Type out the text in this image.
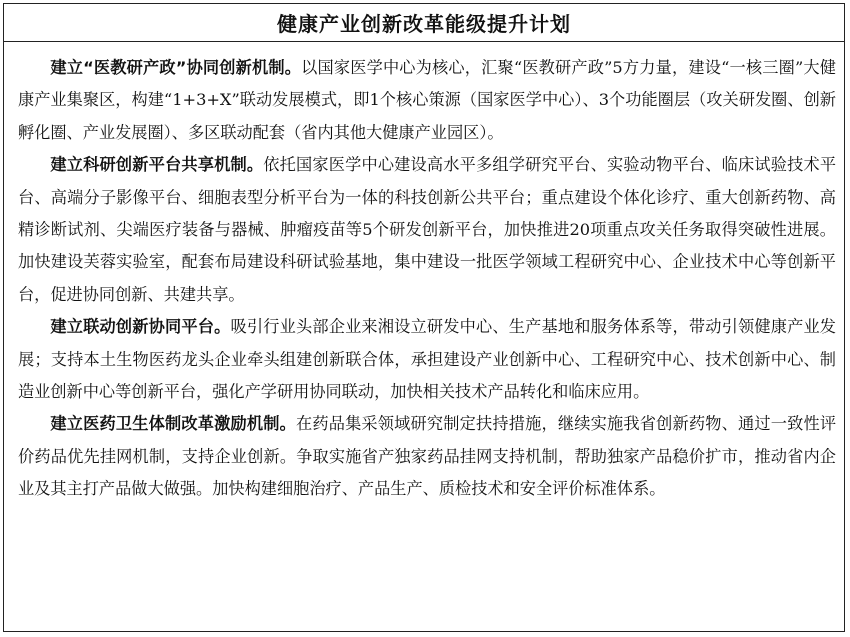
健康产业创新改革能级提升计划

建立“医教研产政”协同创新机制。以国家医学中心为核心，汇聚“医教研产政”5方力量，建设“一核三圈”大健康产业集聚区，构建“1+3+X”联动发展模式，即1个核心策源（国家医学中心）、3个功能圈层（攻关研发圈、创新孵化圈、产业发展圈）、多区联动配套（省内其他大健康产业园区）。

建立科研创新平台共享机制。依托国家医学中心建设高水平多组学研究平台、实验动物平台、临床试验技术平台、高端分子影像平台、细胞表型分析平台为一体的科技创新公共平台；重点建设个体化诊疗、重大创新药物、高精诊断试剂、尖端医疗装备与器械、肿瘤疫苗等5个研发创新平台，加快推进20项重点攻关任务取得突破性进展。加快建设芙蓉实验室，配套布局建设科研试验基地，集中建设一批医学领域工程研究中心、企业技术中心等创新平台，促进协同创新、共建共享。

建立联动创新协同平台。吸引行业头部企业来湘设立研发中心、生产基地和服务体系等，带动引领健康产业发展；支持本土生物医药龙头企业牵头组建创新联合体，承担建设产业创新中心、工程研究中心、技术创新中心、制造业创新中心等创新平台，强化产学研用协同联动，加快相关技术产品转化和临床应用。

建立医药卫生体制改革激励机制。在药品集采领域研究制定扶持措施，继续实施我省创新药物、通过一致性评价药品优先挂网机制，支持企业创新。争取实施省产独家药品挂网支持机制，帮助独家产品稳价扩市，推动省内企业及其主打产品做大做强。加快构建细胞治疗、产品生产、质检技术和安全评价标准体系。
